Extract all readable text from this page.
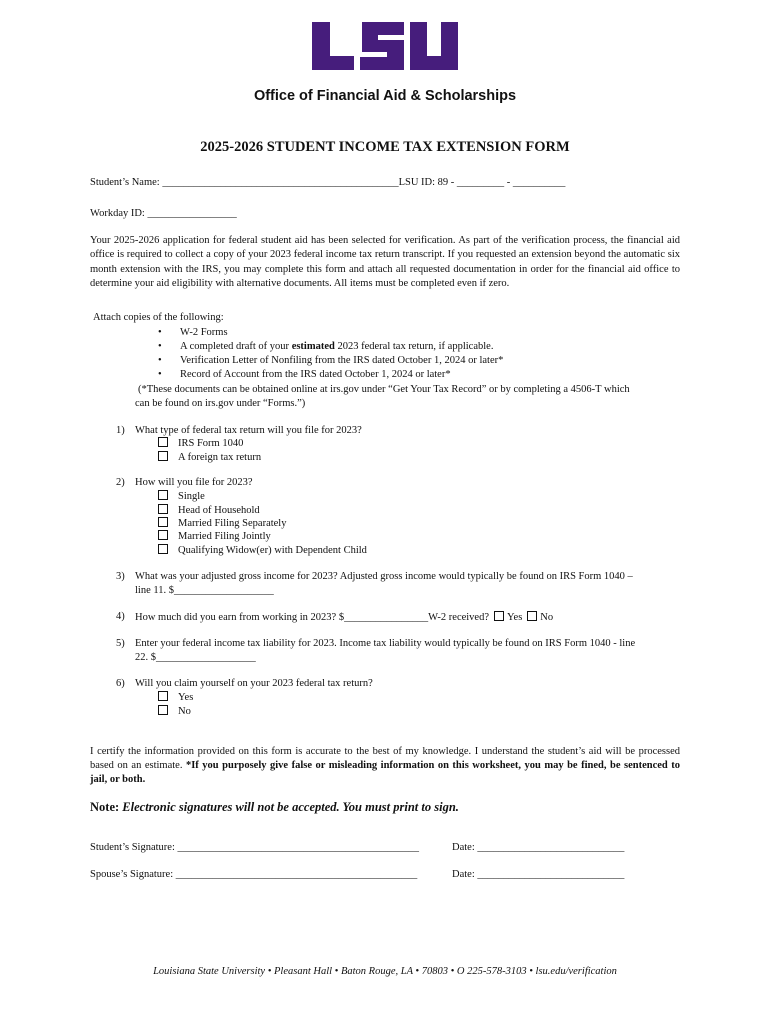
Office of Financial Aid & Scholarships
2025-2026 STUDENT INCOME TAX EXTENSION FORM
Student’s Name: _____________________________________________LSU ID: 89 - _________ - __________
Workday ID: _________________
Your 2025-2026 application for federal student aid has been selected for verification. As part of the verification process, the financial aid office is required to collect a copy of your 2023 federal income tax return transcript. If you requested an extension beyond the automatic six month extension with the IRS, you may complete this form and attach all requested documentation in order for the financial aid office to determine your aid eligibility with alternative documents. All items must be completed even if zero.
Attach copies of the following:
• W-2 Forms
• A completed draft of your estimated 2023 federal tax return, if applicable.
• Verification Letter of Nonfiling from the IRS dated October 1, 2024 or later*
• Record of Account from the IRS dated October 1, 2024 or later*
(*These documents can be obtained online at irs.gov under “Get Your Tax Record” or by completing a 4506-T which
can be found on irs.gov under “Forms.”)
1) What type of federal tax return will you file for 2023?
IRS Form 1040
A foreign tax return
2) How will you file for 2023?
Single
Head of Household
Married Filing Separately
Married Filing Jointly
Qualifying Widow(er) with Dependent Child
3) What was your adjusted gross income for 2023? Adjusted gross income would typically be found on IRS Form 1040 –
line 11. $___________________
4) How much did you earn from working in 2023? $________________W-2 received? Yes No
5) Enter your federal income tax liability for 2023. Income tax liability would typically be found on IRS Form 1040 - line
22. $___________________
6) Will you claim yourself on your 2023 federal tax return?
Yes
No
I certify the information provided on this form is accurate to the best of my knowledge. I understand the student’s aid will be processed based on an estimate. *If you purposely give false or misleading information on this worksheet, you may be fined, be sentenced to jail, or both.
Note: Electronic signatures will not be accepted. You must print to sign.
Student’s Signature: ______________________________________________	Date: ____________________________
Spouse’s Signature: ______________________________________________	Date: ____________________________
Louisiana State University • Pleasant Hall • Baton Rouge, LA • 70803 • O 225-578-3103 • lsu.edu/verification
